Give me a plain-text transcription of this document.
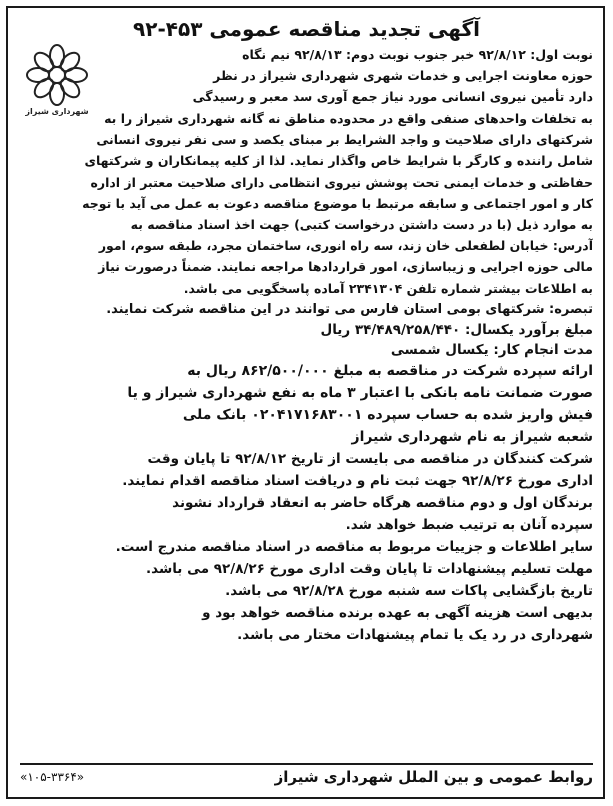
آگهی تجدید مناقصه عمومی ۴۵۳-۹۲
شهرداری شیراز
نوبت اول: ۹۲/۸/۱۲ خبر جنوب نوبت دوم: ۹۲/۸/۱۳ نیم نگاه
حوزه معاونت اجرایی و خدمات شهری شهرداری شیراز در نظر
دارد تأمین نیروی انسانی مورد نیاز جمع آوری سد معبر و رسیدگی
به تخلفات واحدهای صنفی واقع در محدوده مناطق نه گانه شهرداری شیراز را به
شرکتهای دارای صلاحیت و واجد الشرایط بر مبنای یکصد و سی نفر نیروی انسانی
شامل راننده و کارگر با شرایط خاص واگذار نماید. لذا از کلیه پیمانکاران و شرکتهای
حفاظتی و خدمات ایمنی تحت پوشش نیروی انتظامی دارای صلاحیت معتبر از اداره
کار و امور اجتماعی و سابقه مرتبط با موضوع مناقصه دعوت به عمل می آید با توجه
به موارد ذیل (با در دست داشتن درخواست کتبی) جهت اخذ اسناد مناقصه به
آدرس: خیابان لطفعلی خان زند، سه راه انوری، ساختمان مجرد، طبقه سوم، امور
مالی حوزه اجرایی و زیباسازی، امور قراردادها مراجعه نمایند. ضمناً درصورت نیاز
به اطلاعات بیشتر شماره تلفن ۲۳۴۱۳۰۴ آماده پاسخگویی می باشد.
تبصره: شرکتهای بومی استان فارس می توانند در این مناقصه شرکت نمایند.
مبلغ برآورد یکسال: ۳۴/۴۸۹/۲۵۸/۴۴۰ ریال
مدت انجام کار: یکسال شمسی
ارائه سپرده شرکت در مناقصه به مبلغ ۸۶۲/۵۰۰/۰۰۰ ریال به
صورت ضمانت نامه بانکی با اعتبار ۳ ماه به نفع شهرداری شیراز و یا
فیش واریز شده به حساب سپرده ۰۲۰۴۱۷۱۶۸۳۰۰۱ بانک ملی
شعبه شیراز به نام شهرداری شیراز
شرکت کنندگان در مناقصه می بایست از تاریخ ۹۲/۸/۱۲ تا پایان وقت
اداری مورخ ۹۲/۸/۲۶ جهت ثبت نام و دریافت اسناد مناقصه اقدام نمایند.
برندگان اول و دوم مناقصه هرگاه حاضر به انعقاد قرارداد نشوند
سپرده آنان به ترتیب ضبط خواهد شد.
سایر اطلاعات و جزییات مربوط به مناقصه در اسناد مناقصه مندرج است.
مهلت تسلیم پیشنهادات تا پایان وقت اداری مورخ ۹۲/۸/۲۶ می باشد.
تاریخ بازگشایی پاکات سه شنبه مورخ ۹۲/۸/۲۸ می باشد.
بدیهی است هزینه آگهی به عهده برنده مناقصه خواهد بود و
شهرداری در رد یک یا تمام پیشنهادات مختار می باشد.
روابط عمومی و بین الملل شهرداری شیراز
«۱۰۵-۳۳۶۴»
